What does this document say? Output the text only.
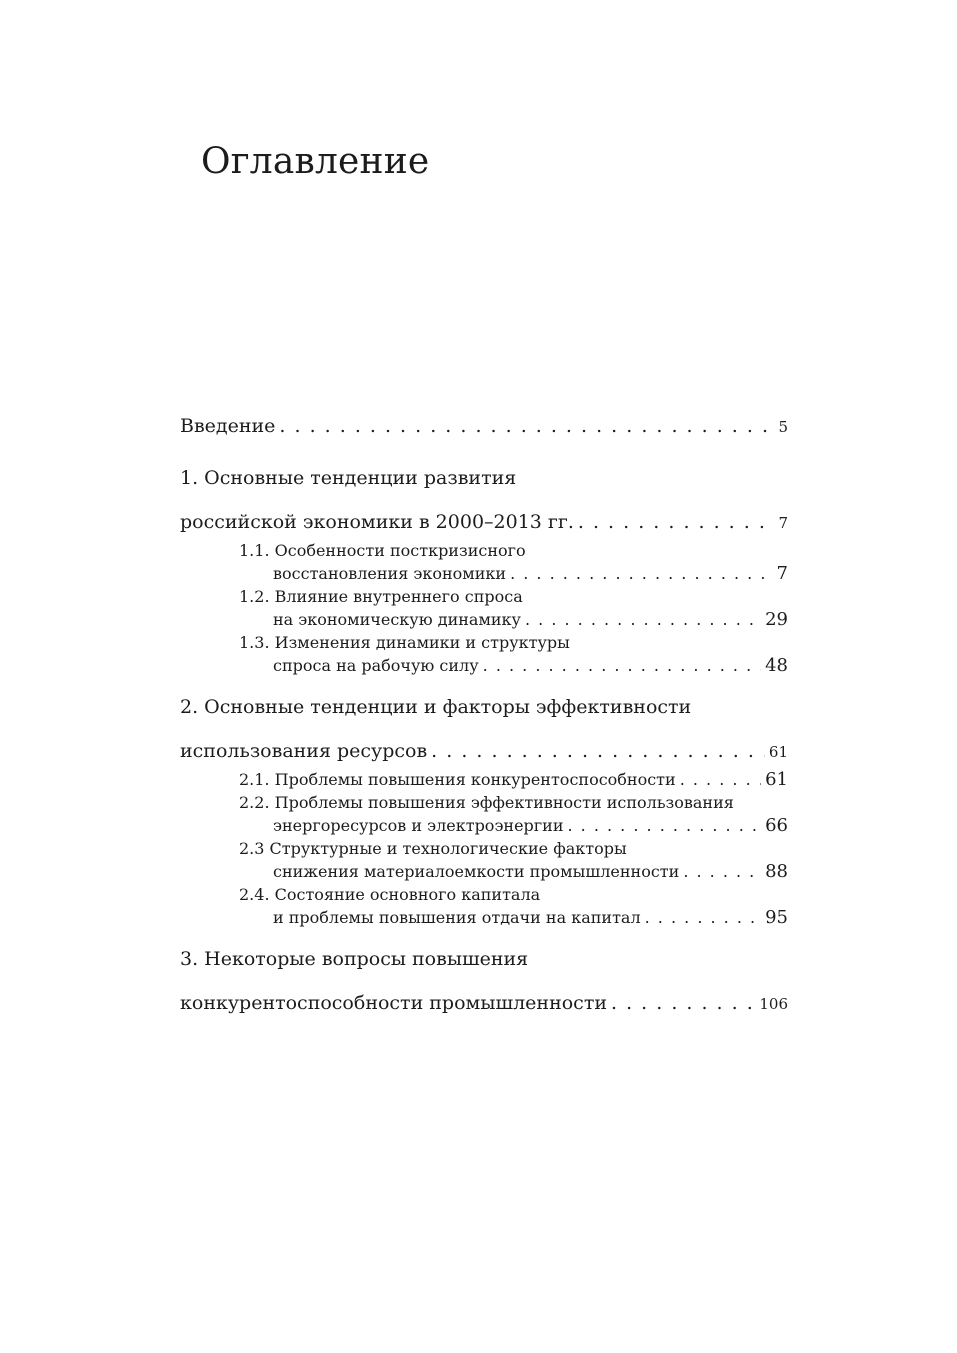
Оглавление
Введение . . .	5
1. Основные тенденции развития
российской экономики в 2000–2013 гг. . . .	7
1.1. Особенности посткризисного
восстановления экономики . . .	7
1.2. Влияние внутреннего спроса
на экономическую динамику . . .	29
1.3. Изменения динамики и структуры
спроса на рабочую силу . . .	48
2. Основные тенденции и факторы эффективности
использования ресурсов . . .	61
2.1. Проблемы повышения конкурентоспособности . . .	61
2.2. Проблемы повышения эффективности использования
энергоресурсов и электроэнергии . . .	66
2.3 Структурные и технологические факторы
снижения материалоемкости промышленности . . .	88
2.4. Состояние основного капитала
и проблемы повышения отдачи на капитал . . .	95
3. Некоторые вопросы повышения
конкурентоспособности промышленности . . .	106
